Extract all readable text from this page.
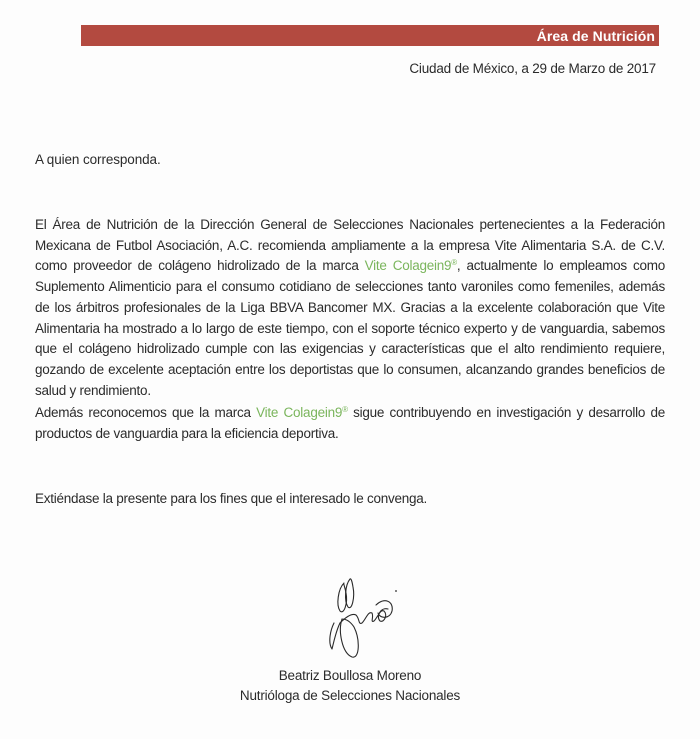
Área de Nutrición
Ciudad de México, a 29 de Marzo de 2017
A quien corresponda.
El Área de Nutrición de la Dirección General de Selecciones Nacionales pertenecientes a la Federación Mexicana de Futbol Asociación, A.C. recomienda ampliamente a la empresa Vite Alimentaria S.A. de C.V. como proveedor de colágeno hidrolizado de la marca Vite Colagein9®, actualmente lo empleamos como Suplemento Alimenticio para el consumo cotidiano de selecciones tanto varoniles como femeniles, además de los árbitros profesionales de la Liga BBVA Bancomer MX. Gracias a la excelente colaboración que Vite Alimentaria ha mostrado a lo largo de este tiempo, con el soporte técnico experto y de vanguardia, sabemos que el colágeno hidrolizado cumple con las exigencias y características que el alto rendimiento requiere, gozando de excelente aceptación entre los deportistas que lo consumen, alcanzando grandes beneficios de salud y rendimiento.
Además reconocemos que la marca Vite Colagein9® sigue contribuyendo en investigación y desarrollo de productos de vanguardia para la eficiencia deportiva.
Extiéndase la presente para los fines que el interesado le convenga.
Beatriz Boullosa Moreno
Nutrióloga de Selecciones Nacionales
